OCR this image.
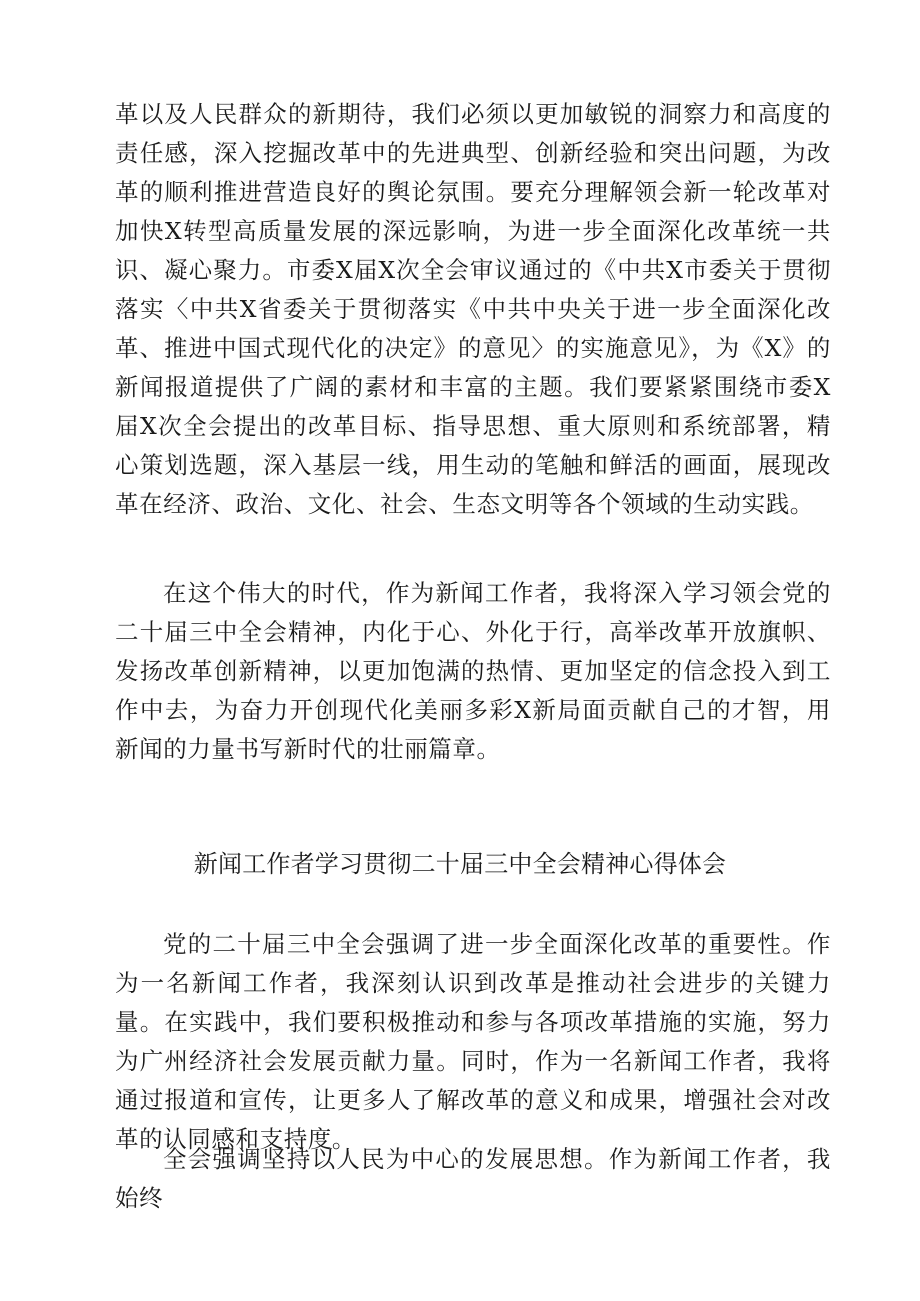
革以及人民群众的新期待，我们必须以更加敏锐的洞察力和高度的责任感，深入挖掘改革中的先进典型、创新经验和突出问题，为改革的顺利推进营造良好的舆论氛围。要充分理解领会新一轮改革对加快X转型高质量发展的深远影响，为进一步全面深化改革统一共识、凝心聚力。市委X届X次全会审议通过的《中共X市委关于贯彻落实〈中共X省委关于贯彻落实《中共中央关于进一步全面深化改革、推进中国式现代化的决定》的意见〉的实施意见》，为《X》的新闻报道提供了广阔的素材和丰富的主题。我们要紧紧围绕市委X届X次全会提出的改革目标、指导思想、重大原则和系统部署，精心策划选题，深入基层一线，用生动的笔触和鲜活的画面，展现改革在经济、政治、文化、社会、生态文明等各个领域的生动实践。

在这个伟大的时代，作为新闻工作者，我将深入学习领会党的二十届三中全会精神，内化于心、外化于行，高举改革开放旗帜、发扬改革创新精神，以更加饱满的热情、更加坚定的信念投入到工作中去，为奋力开创现代化美丽多彩X新局面贡献自己的才智，用新闻的力量书写新时代的壮丽篇章。

新闻工作者学习贯彻二十届三中全会精神心得体会

党的二十届三中全会强调了进一步全面深化改革的重要性。作为一名新闻工作者，我深刻认识到改革是推动社会进步的关键力量。在实践中，我们要积极推动和参与各项改革措施的实施，努力为广州经济社会发展贡献力量。同时，作为一名新闻工作者，我将通过报道和宣传，让更多人了解改革的意义和成果，增强社会对改革的认同感和支持度。

全会强调坚持以人民为中心的发展思想。作为新闻工作者，我始终
